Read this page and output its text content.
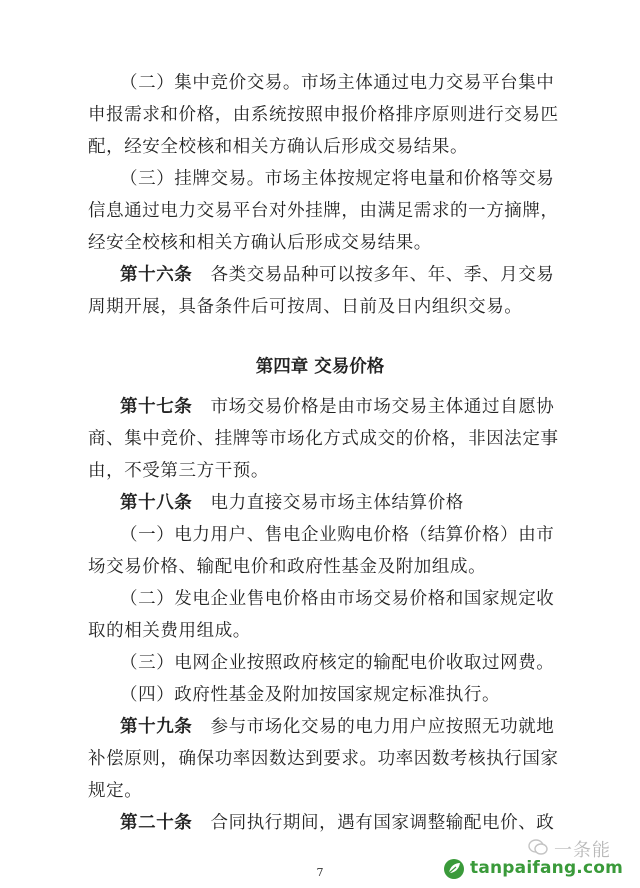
（二）集中竞价交易。市场主体通过电力交易平台集中
申报需求和价格，由系统按照申报价格排序原则进行交易匹
配，经安全校核和相关方确认后形成交易结果。
（三）挂牌交易。市场主体按规定将电量和价格等交易
信息通过电力交易平台对外挂牌，由满足需求的一方摘牌，
经安全校核和相关方确认后形成交易结果。
第十六条　各类交易品种可以按多年、年、季、月交易
周期开展，具备条件后可按周、日前及日内组织交易。
第四章 交易价格
第十七条　市场交易价格是由市场交易主体通过自愿协
商、集中竞价、挂牌等市场化方式成交的价格，非因法定事
由，不受第三方干预。
第十八条　电力直接交易市场主体结算价格
（一）电力用户、售电企业购电价格（结算价格）由市
场交易价格、输配电价和政府性基金及附加组成。
（二）发电企业售电价格由市场交易价格和国家规定收
取的相关费用组成。
（三）电网企业按照政府核定的输配电价收取过网费。
（四）政府性基金及附加按国家规定标准执行。
第十九条　参与市场化交易的电力用户应按照无功就地
补偿原则，确保功率因数达到要求。功率因数考核执行国家
规定。
第二十条　合同执行期间，遇有国家调整输配电价、政
一条能
7	tanpaifang.com
